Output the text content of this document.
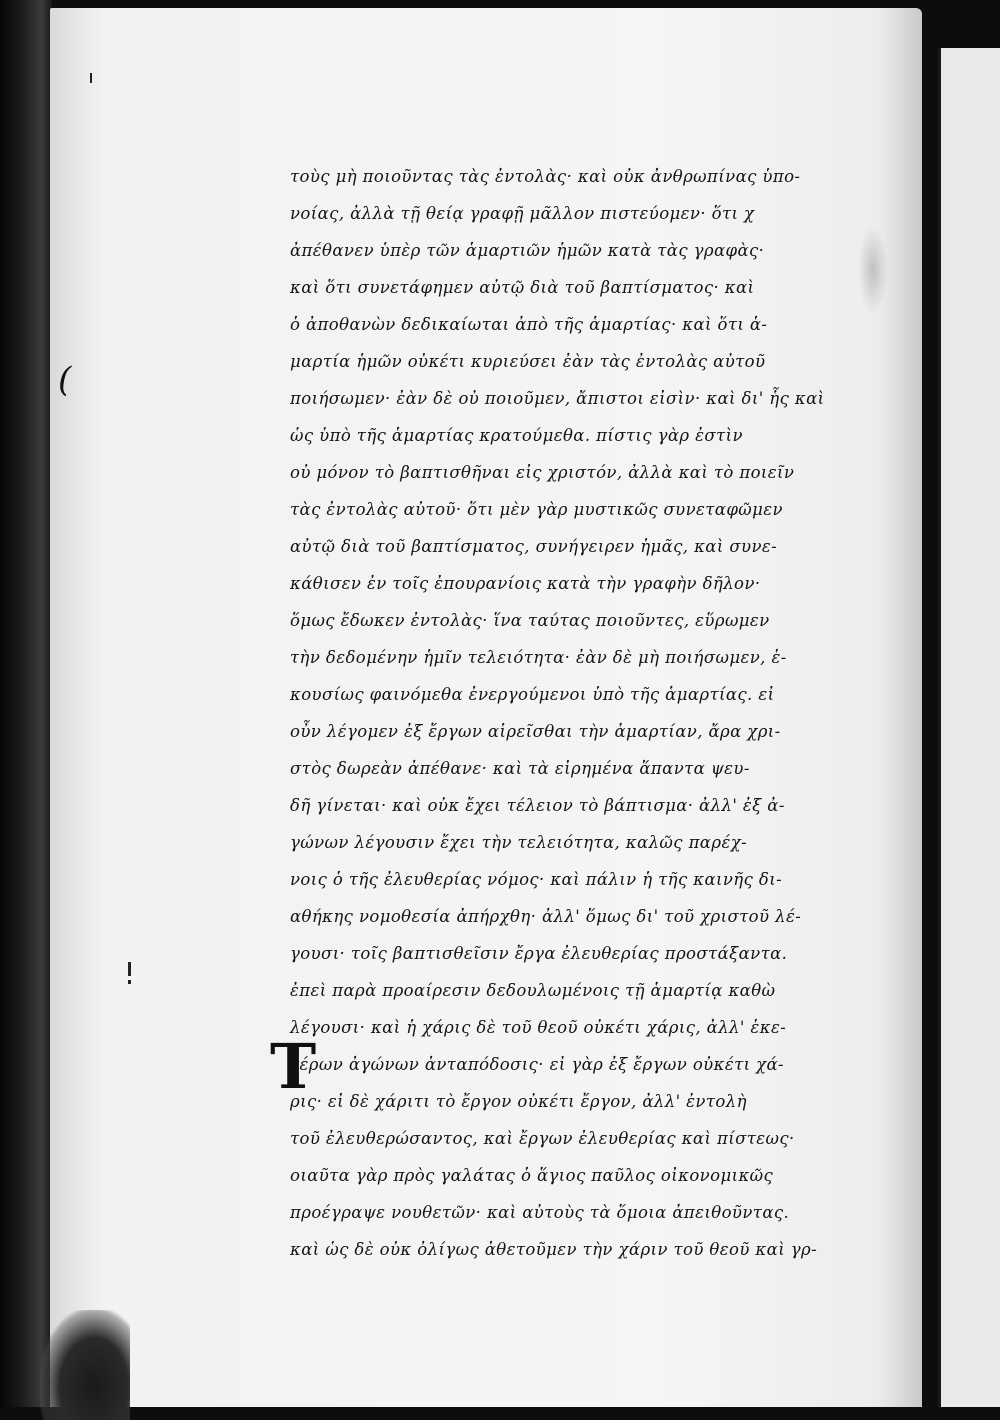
(
τοὺς μὴ ποιοῦντας τὰς ἐντολὰς· καὶ οὐκ ἀνθρωπίνας ὑπο-
νοίας, ἀλλὰ τῇ θείᾳ γραφῇ μᾶλλον πιστεύομεν· ὅτι χ
ἀπέθανεν ὑπὲρ τῶν ἁμαρτιῶν ἡμῶν κατὰ τὰς γραφὰς·
καὶ ὅτι συνετάφημεν αὐτῷ διὰ τοῦ βαπτίσματος· καὶ
ὁ ἀποθανὼν δεδικαίωται ἀπὸ τῆς ἁμαρτίας· καὶ ὅτι ἁ-
μαρτία ἡμῶν οὐκέτι κυριεύσει ἐὰν τὰς ἐντολὰς αὐτοῦ
ποιήσωμεν· ἐὰν δὲ οὐ ποιοῦμεν, ἄπιστοι εἰσὶν· καὶ δι' ἧς καὶ
ὡς ὑπὸ τῆς ἁμαρτίας κρατούμεθα. πίστις γὰρ ἐστὶν
οὐ μόνον τὸ βαπτισθῆναι εἰς χριστόν, ἀλλὰ καὶ τὸ ποιεῖν
τὰς ἐντολὰς αὐτοῦ· ὅτι μὲν γὰρ μυστικῶς συνεταφῶμεν
αὐτῷ διὰ τοῦ βαπτίσματος, συνήγειρεν ἡμᾶς, καὶ συνε-
κάθισεν ἐν τοῖς ἐπουρανίοις κατὰ τὴν γραφὴν δῆλον·
ὅμως ἔδωκεν ἐντολὰς· ἵνα ταύτας ποιοῦντες, εὕρωμεν
τὴν δεδομένην ἡμῖν τελειότητα· ἐὰν δὲ μὴ ποιήσωμεν, ἑ-
κουσίως φαινόμεθα ἐνεργούμενοι ὑπὸ τῆς ἁμαρτίας. εἰ
οὖν λέγομεν ἐξ ἔργων αἱρεῖσθαι τὴν ἁμαρτίαν, ἄρα χρι-
στὸς δωρεὰν ἀπέθανε· καὶ τὰ εἰρημένα ἅπαντα ψευ-
δῆ γίνεται· καὶ οὐκ ἔχει τέλειον τὸ βάπτισμα· ἀλλ' ἐξ ἀ-
γώνων λέγουσιν ἔχει τὴν τελειότητα, καλῶς παρέχ-
νοις ὁ τῆς ἐλευθερίας νόμος· καὶ πάλιν ἡ τῆς καινῆς δι-
αθήκης νομοθεσία ἀπήρχθη· ἀλλ' ὅμως δι' τοῦ χριστοῦ λέ-
γουσι· τοῖς βαπτισθεῖσιν ἔργα ἐλευθερίας προστάξαντα.
ἐπεὶ παρὰ προαίρεσιν δεδουλωμένοις τῇ ἁμαρτίᾳ καθὼ
λέγουσι· καὶ ἡ χάρις δὲ τοῦ θεοῦ οὐκέτι χάρις, ἀλλ' ἑκε-
τέρων ἀγώνων ἀνταπόδοσις· εἰ γὰρ ἐξ ἔργων οὐκέτι χά-
ρις· εἰ δὲ χάριτι τὸ ἔργον οὐκέτι ἔργον, ἀλλ' ἐντολὴ
τοῦ ἐλευθερώσαντος, καὶ ἔργων ἐλευθερίας καὶ πίστεως·
οιαῦτα γὰρ πρὸς γαλάτας ὁ ἅγιος παῦλος οἰκονομικῶς
προέγραψε νουθετῶν· καὶ αὐτοὺς τὰ ὅμοια ἀπειθοῦντας.
καὶ ὡς δὲ οὐκ ὀλίγως ἀθετοῦμεν τὴν χάριν τοῦ θεοῦ καὶ γρ-
Τ
